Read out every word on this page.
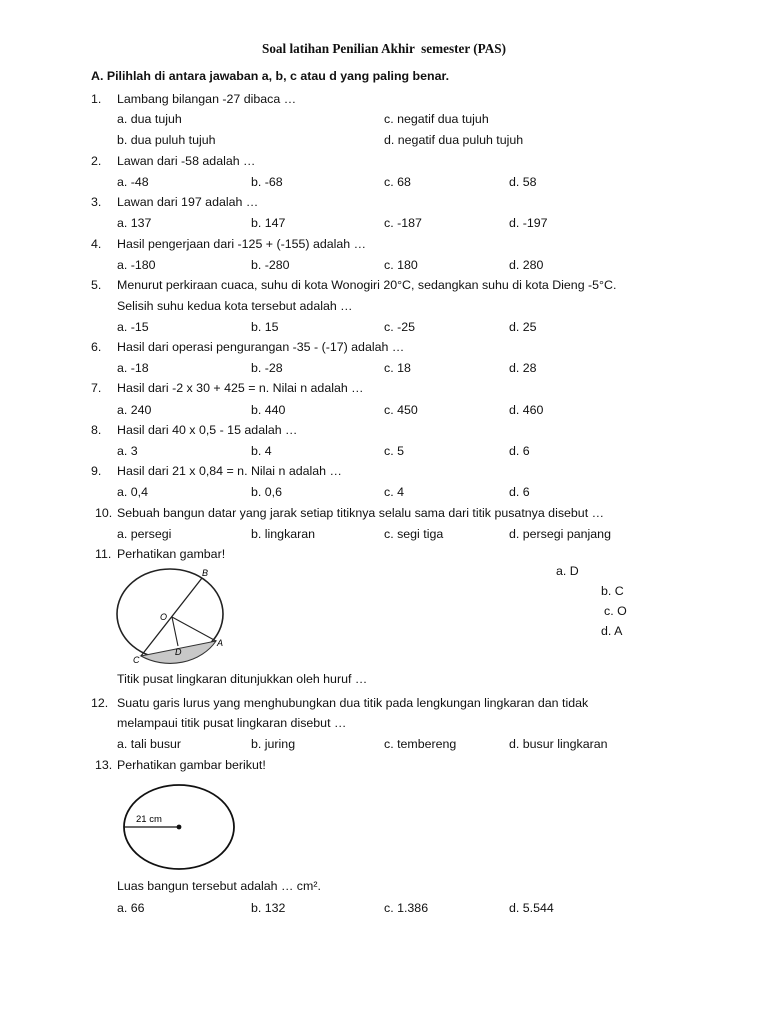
Soal latihan Penilian Akhir  semester (PAS)
A. Pilihlah di antara jawaban a, b, c atau d yang paling benar.
1. Lambang bilangan -27 dibaca …
a. dua tujuh	c. negatif dua tujuh
b. dua puluh tujuh	d. negatif dua puluh tujuh
2. Lawan dari -58 adalah …
a. -48	b. -68	c. 68	d. 58
3. Lawan dari 197 adalah …
a. 137	b. 147	c. -187	d. -197
4. Hasil pengerjaan dari -125 + (-155) adalah …
a. -180	b. -280	c. 180	d. 280
5. Menurut perkiraan cuaca, suhu di kota Wonogiri 20°C, sedangkan suhu di kota Dieng -5°C.
Selisih suhu kedua kota tersebut adalah …
a. -15	b. 15	c. -25	d. 25
6. Hasil dari operasi pengurangan -35 - (-17) adalah …
a. -18	b. -28	c. 18	d. 28
7. Hasil dari -2 x 30 + 425 = n. Nilai n adalah …
a. 240	b. 440	c. 450	d. 460
8. Hasil dari 40 x 0,5 - 15 adalah …
a. 3	b. 4	c. 5	d. 6
9. Hasil dari 21 x 0,84 = n. Nilai n adalah …
a. 0,4	b. 0,6	c. 4	d. 6
10. Sebuah bangun datar yang jarak setiap titiknya selalu sama dari titik pusatnya disebut …
a. persegi	b. lingkaran	c. segi tiga	d. persegi panjang
11. Perhatikan gambar!
a. D
b. C
c. O
d. A
B
O
A
D
C
Titik pusat lingkaran ditunjukkan oleh huruf …
12. Suatu garis lurus yang menghubungkan dua titik pada lengkungan lingkaran dan tidak
melampaui titik pusat lingkaran disebut …
a. tali busur	b. juring	c. tembereng	d. busur lingkaran
13. Perhatikan gambar berikut!
21 cm
Luas bangun tersebut adalah … cm².
a. 66	b. 132	c. 1.386	d. 5.544
